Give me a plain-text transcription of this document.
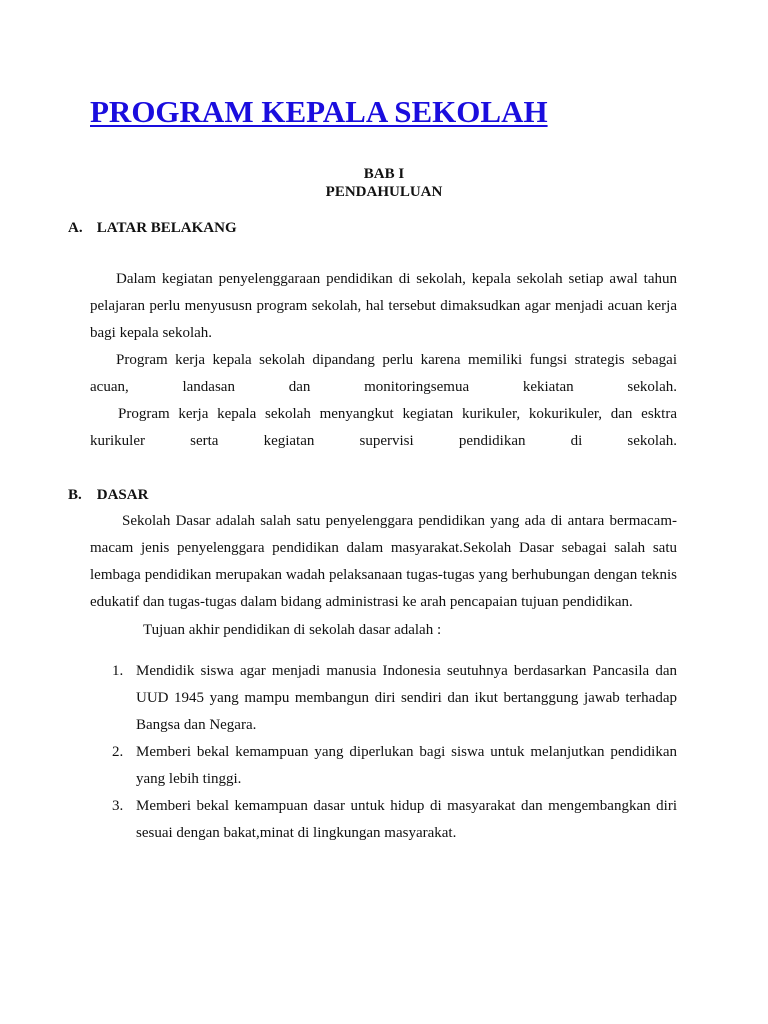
PROGRAM KEPALA SEKOLAH

BAB I

PENDAHULUAN

A. LATAR BELAKANG

Dalam kegiatan penyelenggaraan pendidikan di sekolah, kepala sekolah setiap awal tahun pelajaran perlu menyususn program sekolah, hal tersebut dimaksudkan agar menjadi acuan kerja bagi kepala sekolah.

Program kerja kepala sekolah dipandang perlu karena memiliki fungsi strategis sebagai acuan, landasan dan monitoringsemua kekiatan sekolah.

Program kerja kepala sekolah menyangkut kegiatan kurikuler, kokurikuler, dan esktra kurikuler serta kegiatan supervisi pendidikan di sekolah.

B. DASAR

Sekolah Dasar adalah salah satu penyelenggara pendidikan yang ada di antara bermacam-macam jenis penyelenggara pendidikan dalam masyarakat.Sekolah Dasar sebagai salah satu lembaga pendidikan merupakan wadah pelaksanaan tugas-tugas yang berhubungan dengan teknis edukatif dan tugas-tugas dalam bidang administrasi ke arah pencapaian tujuan pendidikan.

Tujuan akhir pendidikan di sekolah dasar adalah :

1. Mendidik siswa agar menjadi manusia Indonesia seutuhnya berdasarkan Pancasila dan UUD 1945 yang mampu membangun diri sendiri dan ikut bertanggung jawab terhadap Bangsa dan Negara.
2. Memberi bekal kemampuan yang diperlukan bagi siswa untuk melanjutkan pendidikan yang lebih tinggi.
3. Memberi bekal kemampuan dasar untuk hidup di masyarakat dan mengembangkan diri sesuai dengan bakat,minat di lingkungan masyarakat.
